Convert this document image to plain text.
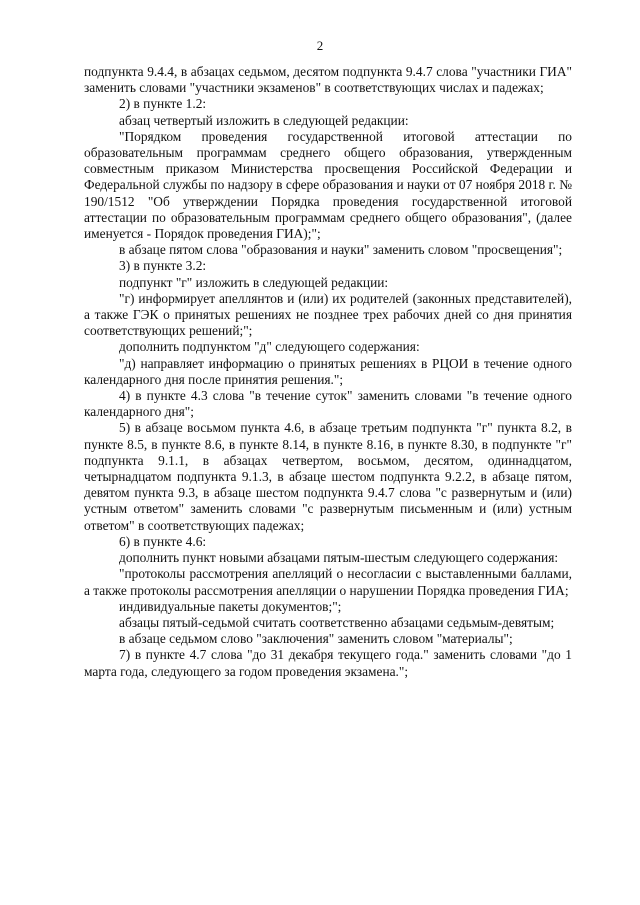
2

подпункта 9.4.4, в абзацах седьмом, десятом подпункта 9.4.7 слова "участники ГИА" заменить словами "участники экзаменов" в соответствующих числах и падежах;

2) в пункте 1.2:

абзац четвертый изложить в следующей редакции:

"Порядком проведения государственной итоговой аттестации по образовательным программам среднего общего образования, утвержденным совместным приказом Министерства просвещения Российской Федерации и Федеральной службы по надзору в сфере образования и науки от 07 ноября 2018 г. № 190/1512 "Об утверждении Порядка проведения государственной итоговой аттестации по образовательным программам среднего общего образования", (далее именуется - Порядок проведения ГИА);";

в абзаце пятом слова "образования и науки" заменить словом "просвещения";

3) в пункте 3.2:

подпункт "г" изложить в следующей редакции:

"г) информирует апеллянтов и (или) их родителей (законных представителей), а также ГЭК о принятых решениях не позднее трех рабочих дней со дня принятия соответствующих решений;";

дополнить подпунктом "д" следующего содержания:

"д) направляет информацию о принятых решениях в РЦОИ в течение одного календарного дня после принятия решения.";

4) в пункте 4.3 слова "в течение суток" заменить словами "в течение одного календарного дня";

5) в абзаце восьмом пункта 4.6, в абзаце третьим подпункта "г" пункта 8.2, в пункте 8.5, в пункте 8.6, в пункте 8.14, в пункте 8.16, в пункте 8.30, в подпункте "г" подпункта 9.1.1, в абзацах четвертом, восьмом, десятом, одиннадцатом, четырнадцатом подпункта 9.1.3, в абзаце шестом подпункта 9.2.2, в абзаце пятом, девятом пункта 9.3, в абзаце шестом подпункта 9.4.7 слова "с развернутым и (или) устным ответом" заменить словами "с развернутым письменным и (или) устным ответом" в соответствующих падежах;

6) в пункте 4.6:

дополнить пункт новыми абзацами пятым-шестым следующего содержания:

"протоколы рассмотрения апелляций о несогласии с выставленными баллами, а также протоколы рассмотрения апелляции о нарушении Порядка проведения ГИА;

индивидуальные пакеты документов;";

абзацы пятый-седьмой считать соответственно абзацами седьмым-девятым;

в абзаце седьмом слово "заключения" заменить словом "материалы";

7) в пункте 4.7 слова "до 31 декабря текущего года." заменить словами "до 1 марта года, следующего за годом проведения экзамена.";
